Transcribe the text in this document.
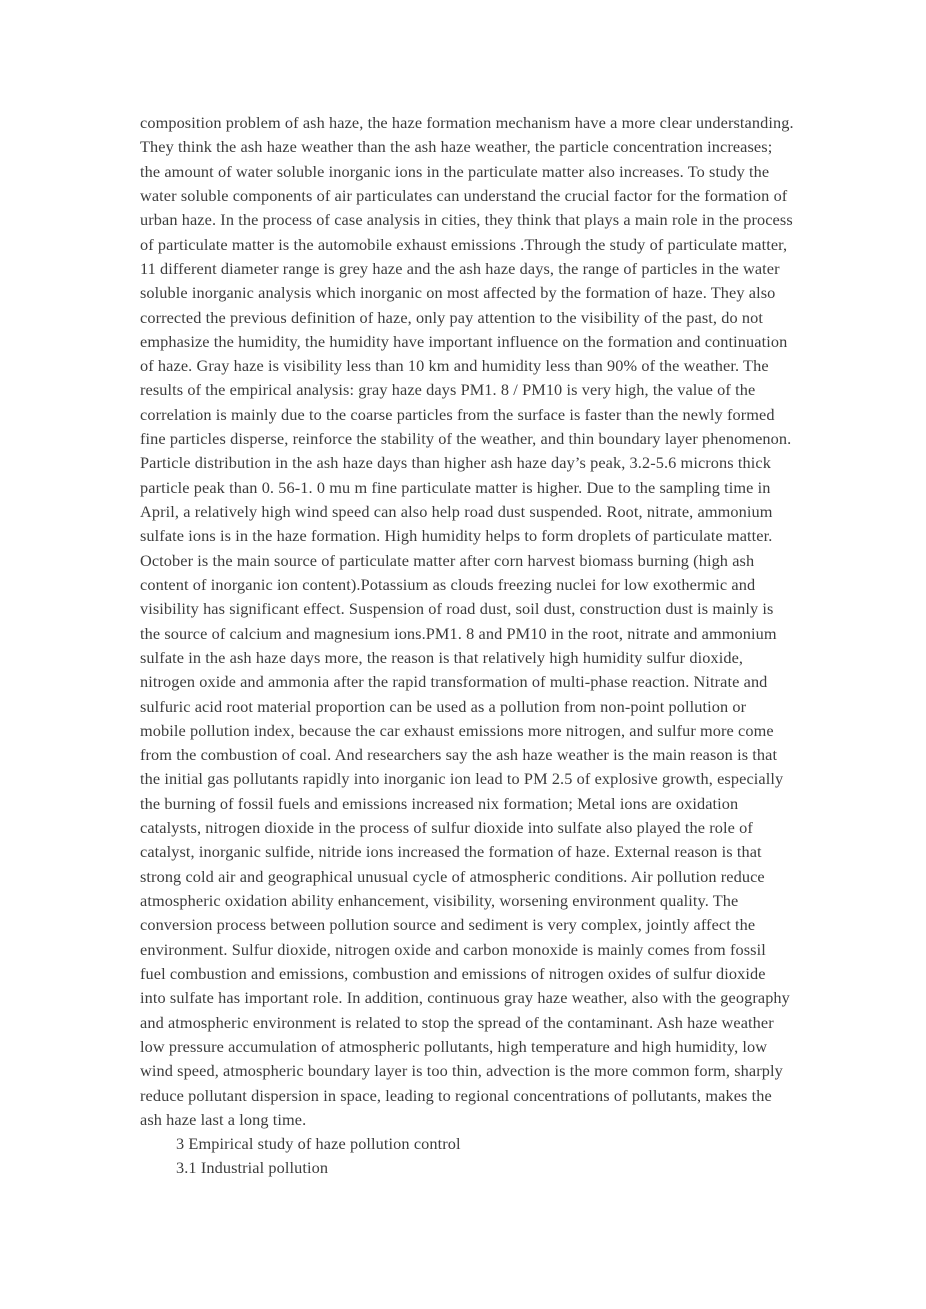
composition problem of ash haze, the haze formation mechanism have a more clear understanding.
They think the ash haze weather than the ash haze weather, the particle concentration increases;
the amount of water soluble inorganic ions in the particulate matter also increases. To study the
water soluble components of air particulates can understand the crucial factor for the formation of
urban haze. In the process of case analysis in cities, they think that plays a main role in the process
of particulate matter is the automobile exhaust emissions .Through the study of particulate matter,
11 different diameter range is grey haze and the ash haze days, the range of particles in the water
soluble inorganic analysis which inorganic on most affected by the formation of haze. They also
corrected the previous definition of haze, only pay attention to the visibility of the past, do not
emphasize the humidity, the humidity have important influence on the formation and continuation
of haze. Gray haze is visibility less than 10 km and humidity less than 90% of the weather. The
results of the empirical analysis: gray haze days PM1. 8 / PM10 is very high, the value of the
correlation is mainly due to the coarse particles from the surface is faster than the newly formed
fine particles disperse, reinforce the stability of the weather, and thin boundary layer phenomenon.
Particle distribution in the ash haze days than higher ash haze day’s peak, 3.2-5.6 microns thick
particle peak than 0. 56-1. 0 mu m fine particulate matter is higher. Due to the sampling time in
April, a relatively high wind speed can also help road dust suspended. Root, nitrate, ammonium
sulfate ions is in the haze formation. High humidity helps to form droplets of particulate matter.
October is the main source of particulate matter after corn harvest biomass burning (high ash
content of inorganic ion content).Potassium as clouds freezing nuclei for low exothermic and
visibility has significant effect. Suspension of road dust, soil dust, construction dust is mainly is
the source of calcium and magnesium ions.PM1. 8 and PM10 in the root, nitrate and ammonium
sulfate in the ash haze days more, the reason is that relatively high humidity sulfur dioxide,
nitrogen oxide and ammonia after the rapid transformation of multi-phase reaction. Nitrate and
sulfuric acid root material proportion can be used as a pollution from non-point pollution or
mobile pollution index, because the car exhaust emissions more nitrogen, and sulfur more come
from the combustion of coal. And researchers say the ash haze weather is the main reason is that
the initial gas pollutants rapidly into inorganic ion lead to PM 2.5 of explosive growth, especially
the burning of fossil fuels and emissions increased nix formation; Metal ions are oxidation
catalysts, nitrogen dioxide in the process of sulfur dioxide into sulfate also played the role of
catalyst, inorganic sulfide, nitride ions increased the formation of haze. External reason is that
strong cold air and geographical unusual cycle of atmospheric conditions. Air pollution reduce
atmospheric oxidation ability enhancement, visibility, worsening environment quality. The
conversion process between pollution source and sediment is very complex, jointly affect the
environment. Sulfur dioxide, nitrogen oxide and carbon monoxide is mainly comes from fossil
fuel combustion and emissions, combustion and emissions of nitrogen oxides of sulfur dioxide
into sulfate has important role. In addition, continuous gray haze weather, also with the geography
and atmospheric environment is related to stop the spread of the contaminant. Ash haze weather
low pressure accumulation of atmospheric pollutants, high temperature and high humidity, low
wind speed, atmospheric boundary layer is too thin, advection is the more common form, sharply
reduce pollutant dispersion in space, leading to regional concentrations of pollutants, makes the
ash haze last a long time.
3 Empirical study of haze pollution control
3.1 Industrial pollution
